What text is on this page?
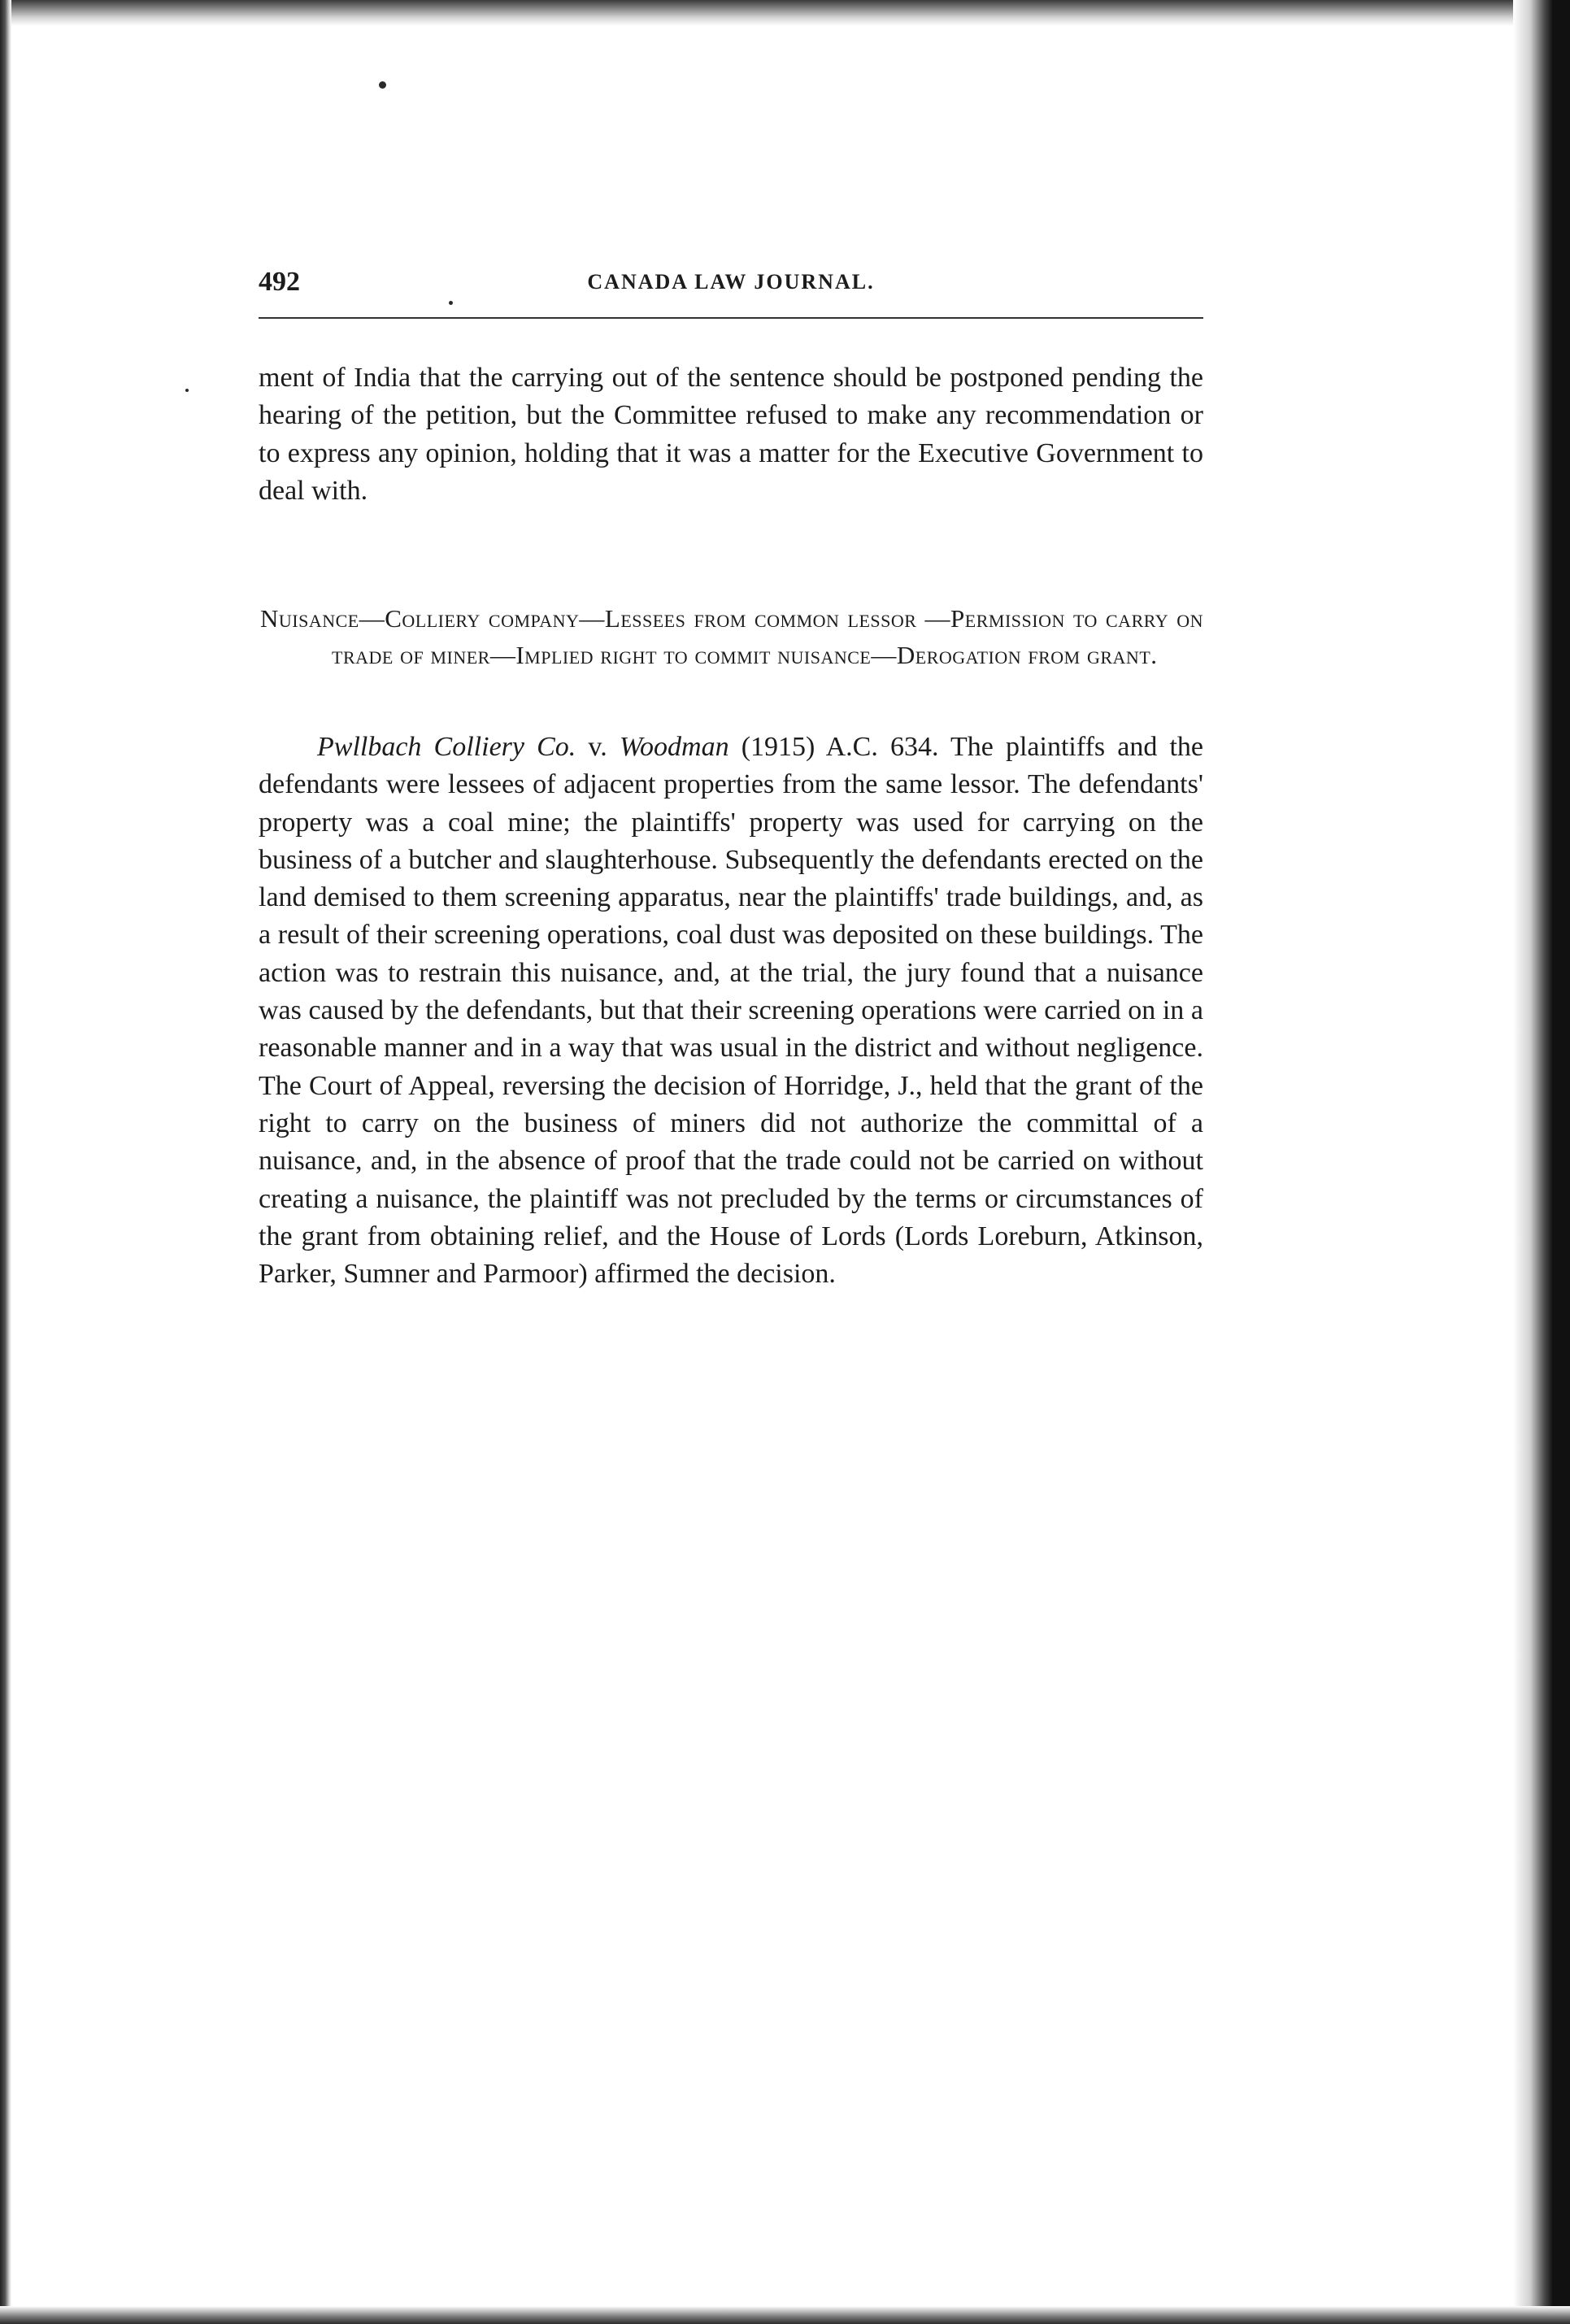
492	CANADA LAW JOURNAL.
ment of India that the carrying out of the sentence should be postponed pending the hearing of the petition, but the Committee refused to make any recommendation or to express any opinion, holding that it was a matter for the Executive Government to deal with.
Nuisance—Colliery company—Lessees from common lessor —Permission to carry on trade of miner—Implied right to commit nuisance—Derogation from grant.
Pwllbach Colliery Co. v. Woodman (1915) A.C. 634. The plaintiffs and the defendants were lessees of adjacent properties from the same lessor. The defendants' property was a coal mine; the plaintiffs' property was used for carrying on the business of a butcher and slaughterhouse. Subsequently the defendants erected on the land demised to them screening apparatus, near the plaintiffs' trade buildings, and, as a result of their screening operations, coal dust was deposited on these buildings. The action was to restrain this nuisance, and, at the trial, the jury found that a nuisance was caused by the defendants, but that their screening operations were carried on in a reasonable manner and in a way that was usual in the district and without negligence. The Court of Appeal, reversing the decision of Horridge, J., held that the grant of the right to carry on the business of miners did not authorize the committal of a nuisance, and, in the absence of proof that the trade could not be carried on without creating a nuisance, the plaintiff was not precluded by the terms or circumstances of the grant from obtaining relief, and the House of Lords (Lords Loreburn, Atkinson, Parker, Sumner and Parmoor) affirmed the decision.
